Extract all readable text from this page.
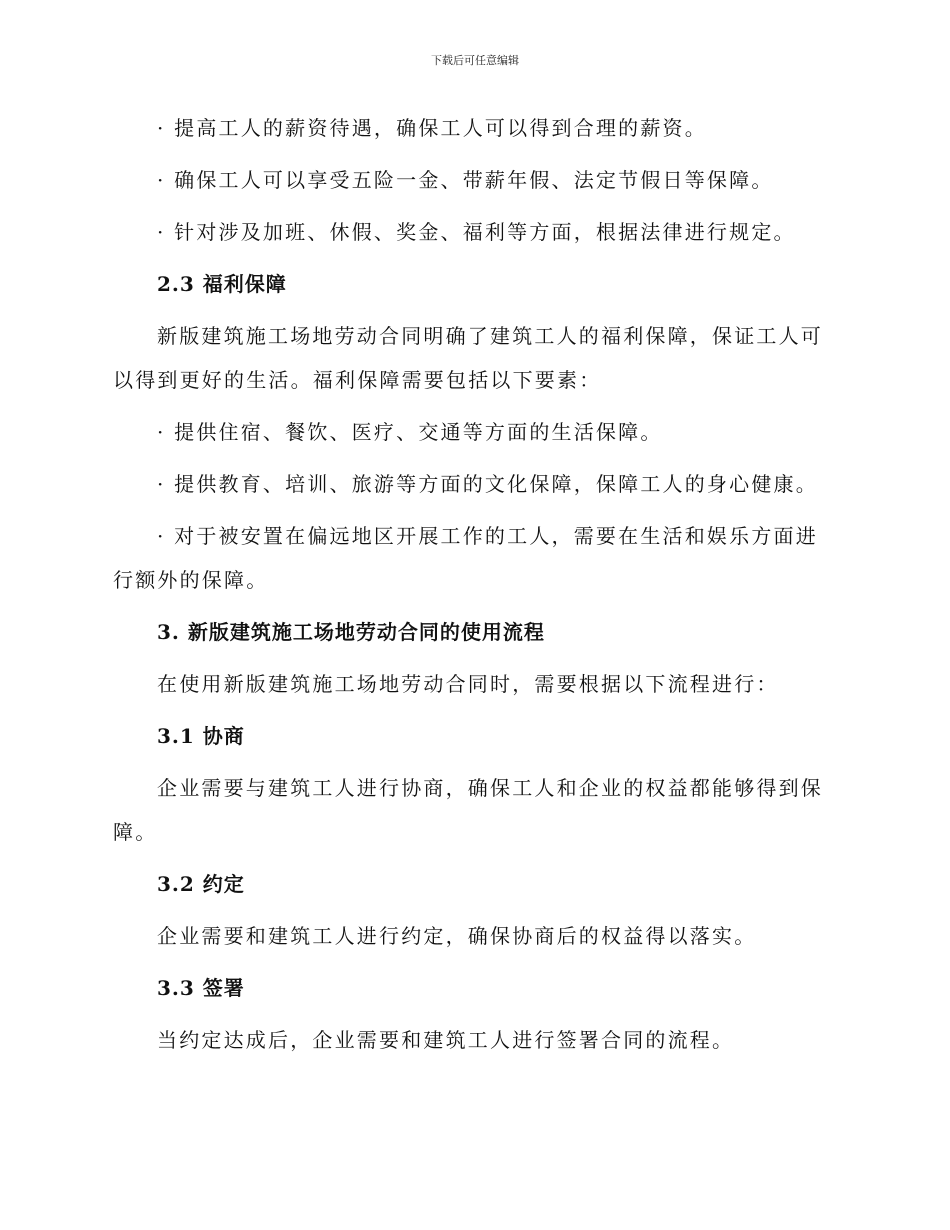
下载后可任意编辑

· 提高工人的薪资待遇，确保工人可以得到合理的薪资。

· 确保工人可以享受五险一金、带薪年假、法定节假日等保障。

· 针对涉及加班、休假、奖金、福利等方面，根据法律进行规定。

2.3 福利保障

新版建筑施工场地劳动合同明确了建筑工人的福利保障，保证工人可以得到更好的生活。福利保障需要包括以下要素：

· 提供住宿、餐饮、医疗、交通等方面的生活保障。

· 提供教育、培训、旅游等方面的文化保障，保障工人的身心健康。

· 对于被安置在偏远地区开展工作的工人，需要在生活和娱乐方面进行额外的保障。

3. 新版建筑施工场地劳动合同的使用流程

在使用新版建筑施工场地劳动合同时，需要根据以下流程进行：

3.1 协商

企业需要与建筑工人进行协商，确保工人和企业的权益都能够得到保障。

3.2 约定

企业需要和建筑工人进行约定，确保协商后的权益得以落实。

3.3 签署

当约定达成后，企业需要和建筑工人进行签署合同的流程。
